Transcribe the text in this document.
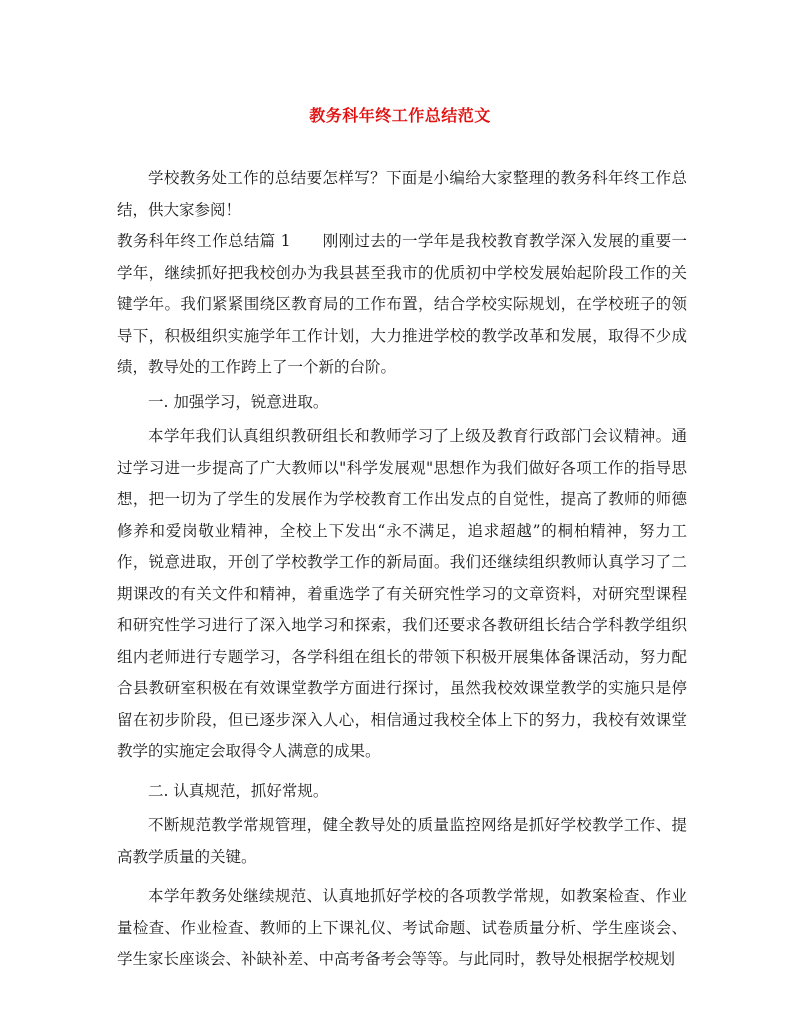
教务科年终工作总结范文

学校教务处工作的总结要怎样写？下面是小编给大家整理的教务科年终工作总结，供大家参阅！

教务科年终工作总结篇 1　　刚刚过去的一学年是我校教育教学深入发展的重要一学年，继续抓好把我校创办为我县甚至我市的优质初中学校发展始起阶段工作的关键学年。我们紧紧围绕区教育局的工作布置，结合学校实际规划，在学校班子的领导下，积极组织实施学年工作计划，大力推进学校的教学改革和发展，取得不少成绩，教导处的工作跨上了一个新的台阶。

一. 加强学习，锐意进取。

本学年我们认真组织教研组长和教师学习了上级及教育行政部门会议精神。通过学习进一步提高了广大教师以"科学发展观"思想作为我们做好各项工作的指导思想，把一切为了学生的发展作为学校教育工作出发点的自觉性，提高了教师的师德修养和爱岗敬业精神，全校上下发出“永不满足，追求超越”的桐柏精神，努力工作，锐意进取，开创了学校教学工作的新局面。我们还继续组织教师认真学习了二期课改的有关文件和精神，着重选学了有关研究性学习的文章资料，对研究型课程和研究性学习进行了深入地学习和探索，我们还要求各教研组长结合学科教学组织组内老师进行专题学习，各学科组在组长的带领下积极开展集体备课活动，努力配合县教研室积极在有效课堂教学方面进行探讨，虽然我校效课堂教学的实施只是停留在初步阶段，但已逐步深入人心，相信通过我校全体上下的努力，我校有效课堂教学的实施定会取得令人满意的成果。

二. 认真规范，抓好常规。

不断规范教学常规管理，健全教导处的质量监控网络是抓好学校教学工作、提高教学质量的关键。

本学年教务处继续规范、认真地抓好学校的各项教学常规，如教案检查、作业量检查、作业检查、教师的上下课礼仪、考试命题、试卷质量分析、学生座谈会、学生家长座谈会、补缺补差、中高考备考会等等。与此同时，教导处根据学校规划
